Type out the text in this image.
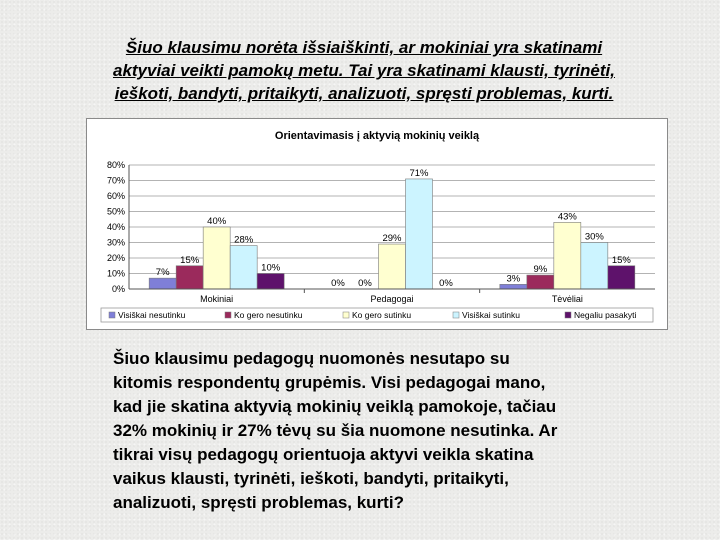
Šiuo klausimu norėta išsiaiškinti, ar mokiniai yra skatinami
aktyviai veikti pamokų metu. Tai yra skatinami klausti, tyrinėti,
ieškoti, bandyti, pritaikyti, analizuoti, spręsti problemas, kurti.
0%
10%
20%
30%
40%
50%
60%
70%
80%
Mokiniai	Pedagogai	Tėvėliai
7%
15%
40%
28%
10%
0% 0%
29%
71%
0%	3%
9%
43%
30%
15%
Visiškai nesutinku	Ko gero nesutinku	Ko gero sutinku	Visiškai sutinku	Negaliu pasakyti
Orientavimasis į aktyvią mokinių veiklą
Šiuo klausimu pedagogų nuomonės nesutapo su
kitomis respondentų grupėmis. Visi pedagogai mano,
kad jie skatina aktyvią mokinių veiklą pamokoje, tačiau
32% mokinių ir 27% tėvų su šia nuomone nesutinka. Ar
tikrai visų pedagogų orientuoja aktyvi veikla skatina
vaikus klausti, tyrinėti, ieškoti, bandyti, pritaikyti,
analizuoti, spręsti problemas, kurti?
